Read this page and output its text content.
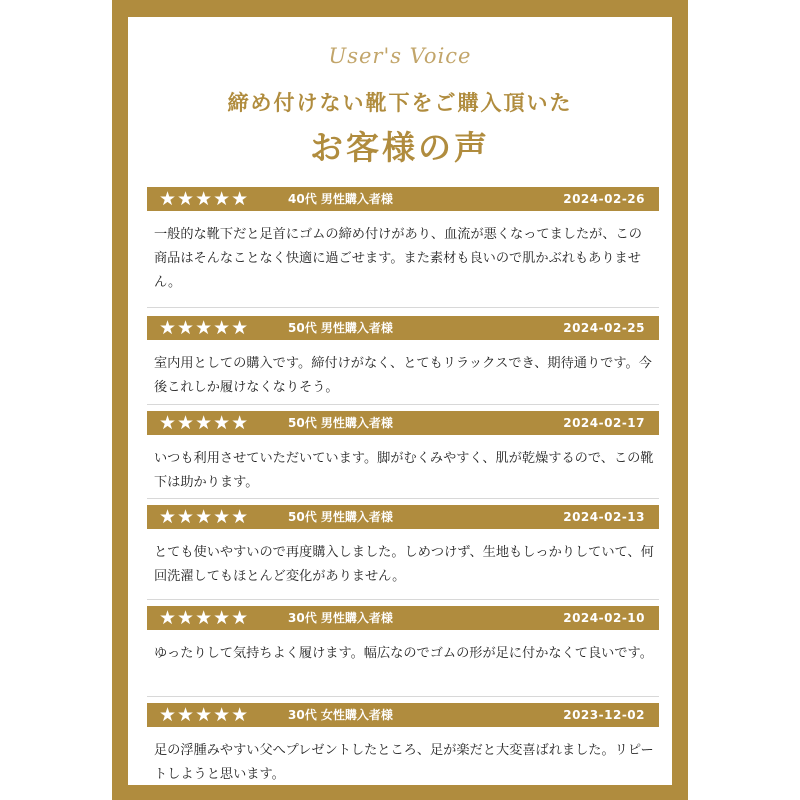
User's Voice
締め付けない靴下をご購入頂いた
お客様の声
★★★★★	40代 男性購入者様	2024-02-26
一般的な靴下だと足首にゴムの締め付けがあり、血流が悪くなってましたが、この商品はそんなことなく快適に過ごせます。また素材も良いので肌かぶれもありません。
★★★★★	50代 男性購入者様	2024-02-25
室内用としての購入です。締付けがなく、とてもリラックスでき、期待通りです。今後これしか履けなくなりそう。
★★★★★	50代 男性購入者様	2024-02-17
いつも利用させていただいています。脚がむくみやすく、肌が乾燥するので、この靴下は助かります。
★★★★★	50代 男性購入者様	2024-02-13
とても使いやすいので再度購入しました。しめつけず、生地もしっかりしていて、何回洗濯してもほとんど変化がありません。
★★★★★	30代 男性購入者様	2024-02-10
ゆったりして気持ちよく履けます。幅広なのでゴムの形が足に付かなくて良いです。
★★★★★	30代 女性購入者様	2023-12-02
足の浮腫みやすい父へプレゼントしたところ、足が楽だと大変喜ばれました。リピートしようと思います。
